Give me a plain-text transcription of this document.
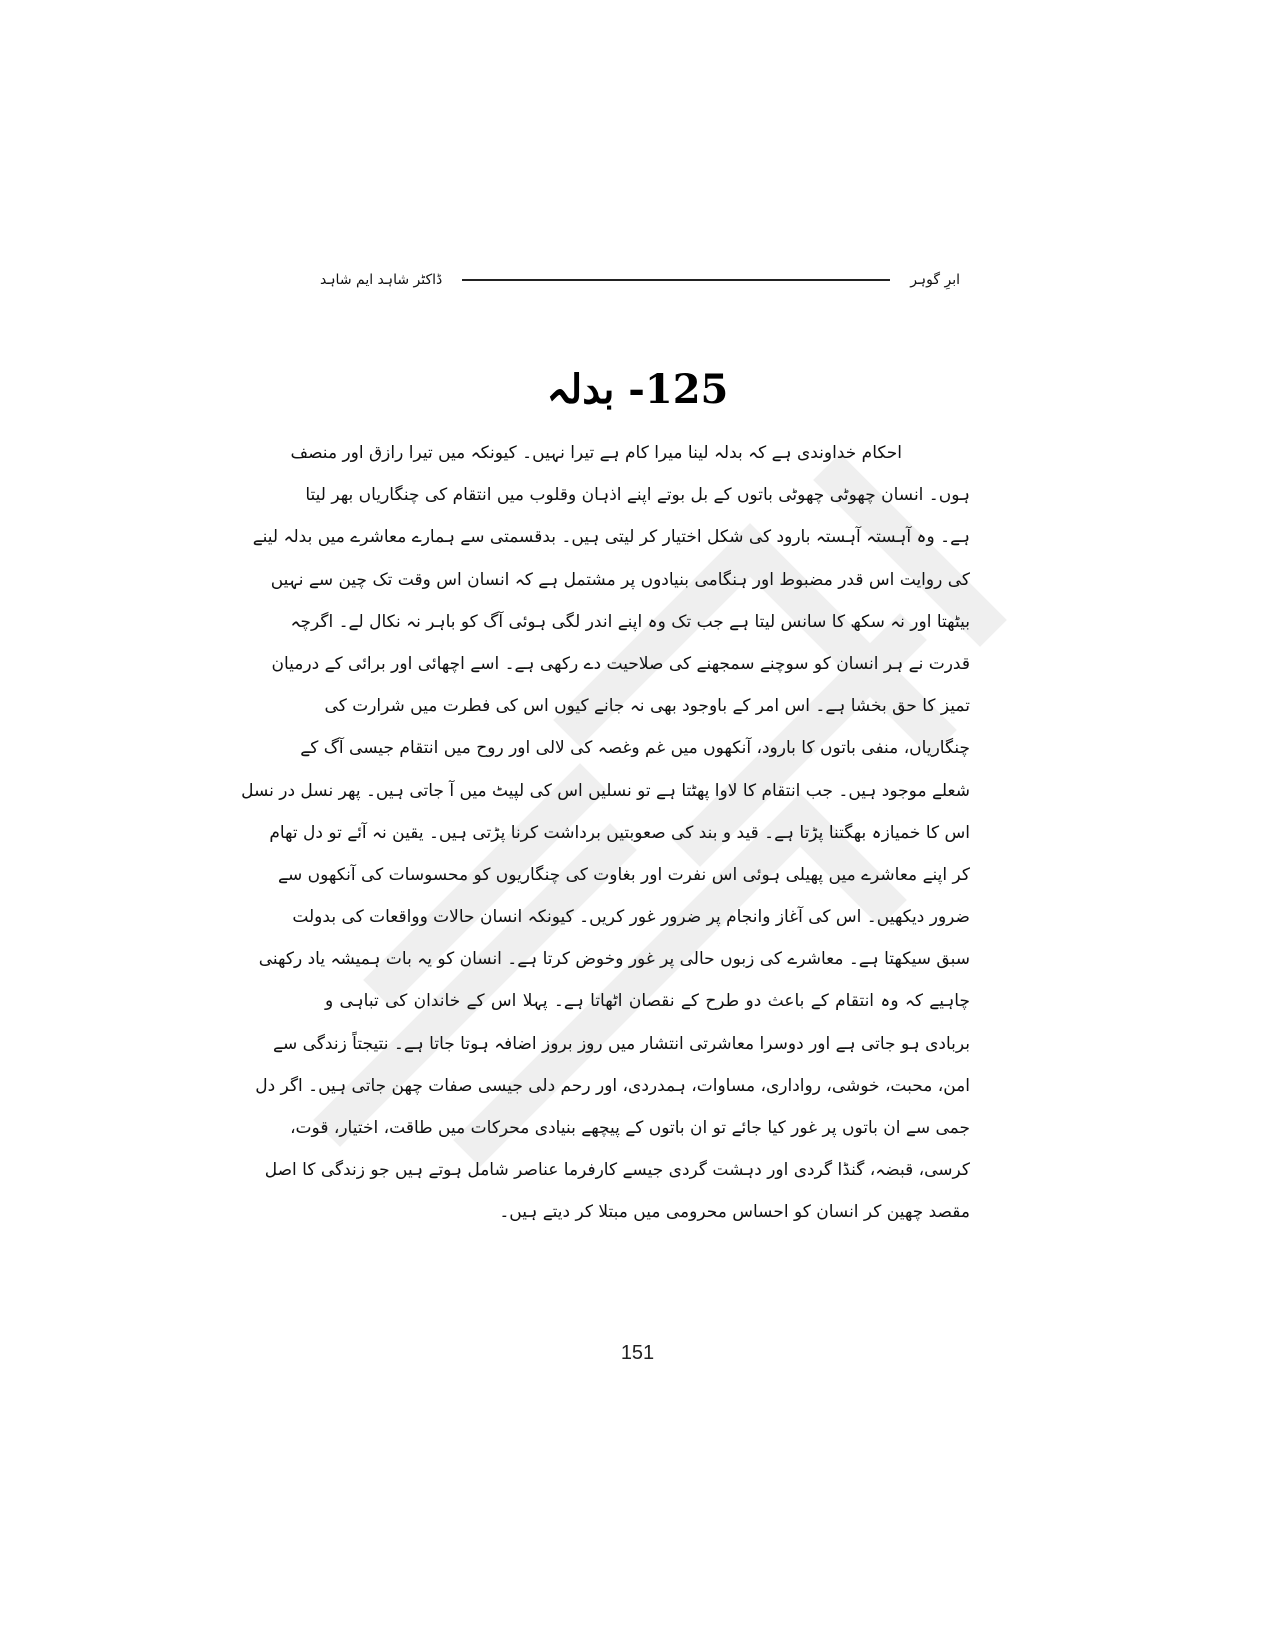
ابرِ گوہر
ڈاکٹر شاہد ایم شاہد
125- بدلہ
احکام خداوندی ہے کہ بدلہ لینا میرا کام ہے تیرا نہیں۔ کیونکہ میں تیرا رازق اور منصف
ہوں۔ انسان چھوٹی چھوٹی باتوں کے بل بوتے اپنے اذہان وقلوب میں انتقام کی چنگاریاں بھر لیتا
ہے۔ وہ آہستہ آہستہ بارود کی شکل اختیار کر لیتی ہیں۔ بدقسمتی سے ہمارے معاشرے میں بدلہ لینے
کی روایت اس قدر مضبوط اور ہنگامی بنیادوں پر مشتمل ہے کہ انسان اس وقت تک چین سے نہیں
بیٹھتا اور نہ سکھ کا سانس لیتا ہے جب تک وہ اپنے اندر لگی ہوئی آگ کو باہر نہ نکال لے۔ اگرچہ
قدرت نے ہر انسان کو سوچنے سمجھنے کی صلاحیت دے رکھی ہے۔ اسے اچھائی اور برائی کے درمیان
تمیز کا حق بخشا ہے۔ اس امر کے باوجود بھی نہ جانے کیوں اس کی فطرت میں شرارت کی
چنگاریاں، منفی باتوں کا بارود، آنکھوں میں غم وغصہ کی لالی اور روح میں انتقام جیسی آگ کے
شعلے موجود ہیں۔ جب انتقام کا لاوا پھٹتا ہے تو نسلیں اس کی لپیٹ میں آ جاتی ہیں۔ پھر نسل در نسل
اس کا خمیازہ بھگتنا پڑتا ہے۔ قید و بند کی صعوبتیں برداشت کرنا پڑتی ہیں۔ یقین نہ آئے تو دل تھام
کر اپنے معاشرے میں پھیلی ہوئی اس نفرت اور بغاوت کی چنگاریوں کو محسوسات کی آنکھوں سے
ضرور دیکھیں۔ اس کی آغاز وانجام پر ضرور غور کریں۔ کیونکہ انسان حالات وواقعات کی بدولت
سبق سیکھتا ہے۔ معاشرے کی زبوں حالی پر غور وخوض کرتا ہے۔ انسان کو یہ بات ہمیشہ یاد رکھنی
چاہیے کہ وہ انتقام کے باعث دو طرح کے نقصان اٹھاتا ہے۔ پہلا اس کے خاندان کی تباہی و
بربادی ہو جاتی ہے اور دوسرا معاشرتی انتشار میں روز بروز اضافہ ہوتا جاتا ہے۔ نتیجتاً زندگی سے
امن، محبت، خوشی، رواداری، مساوات، ہمدردی، اور رحم دلی جیسی صفات چھن جاتی ہیں۔ اگر دل
جمی سے ان باتوں پر غور کیا جائے تو ان باتوں کے پیچھے بنیادی محرکات میں طاقت، اختیار، قوت،
کرسی، قبضہ، گنڈا گردی اور دہشت گردی جیسے کارفرما عناصر شامل ہوتے ہیں جو زندگی کا اصل
مقصد چھین کر انسان کو احساس محرومی میں مبتلا کر دیتے ہیں۔
151
